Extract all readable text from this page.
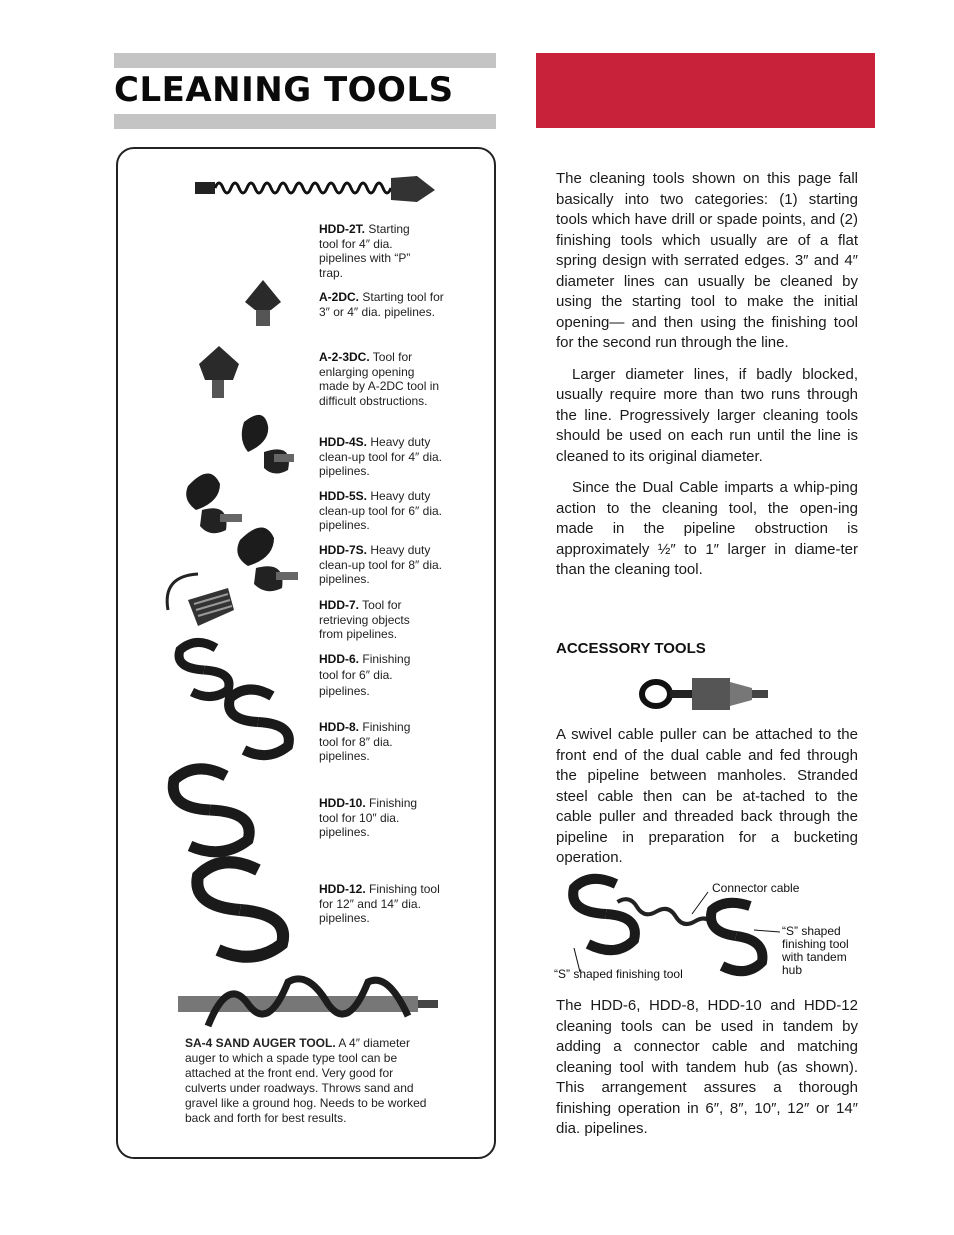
CLEANING TOOLS
HDD-2T. Starting tool for 4″ dia. pipelines with “P” trap.
A-2DC. Starting tool for 3″ or 4″ dia. pipelines.
A-2-3DC. Tool for enlarging opening made by A-2DC tool in difficult obstructions.
HDD-4S. Heavy duty clean-up tool for 4″ dia. pipelines.
HDD-5S. Heavy duty clean-up tool for 6″ dia. pipelines.
HDD-7S. Heavy duty clean-up tool for 8″ dia. pipelines.
HDD-7. Tool for retrieving objects from pipelines.
HDD-6. Finishing tool for 6″ dia. pipelines.
HDD-8. Finishing tool for 8″ dia. pipelines.
HDD-10. Finishing tool for 10″ dia. pipelines.
HDD-12. Finishing tool for 12″ and 14″ dia. pipelines.
SA-4 SAND AUGER TOOL. A 4″ diameter auger to which a spade type tool can be attached at the front end. Very good for culverts under roadways. Throws sand and gravel like a ground hog. Needs to be worked back and forth for best results.

The cleaning tools shown on this page fall basically into two categories: (1) starting tools which have drill or spade points, and (2) finishing tools which usually are of a flat spring design with serrated edges. 3″ and 4″ diameter lines can usually be cleaned by using the starting tool to make the initial opening— and then using the finishing tool for the second run through the line.

Larger diameter lines, if badly blocked, usually require more than two runs through the line. Progressively larger cleaning tools should be used on each run until the line is cleaned to its original diameter.

Since the Dual Cable imparts a whip-ping action to the cleaning tool, the open-ing made in the pipeline obstruction is approximately ½″ to 1″ larger in diame-ter than the cleaning tool.

ACCESSORY TOOLS

A swivel cable puller can be attached to the front end of the dual cable and fed through the pipeline between manholes. Stranded steel cable then can be at-tached to the cable puller and threaded back through the pipeline in preparation for a bucketing operation.

Connector cable
“S” shaped finishing tool with tandem hub
“S” shaped finishing tool

The HDD-6, HDD-8, HDD-10 and HDD-12 cleaning tools can be used in tandem by adding a connector cable and matching cleaning tool with tandem hub (as shown). This arrangement assures a thorough finishing operation in 6″, 8″, 10″, 12″ or 14″ dia. pipelines.
